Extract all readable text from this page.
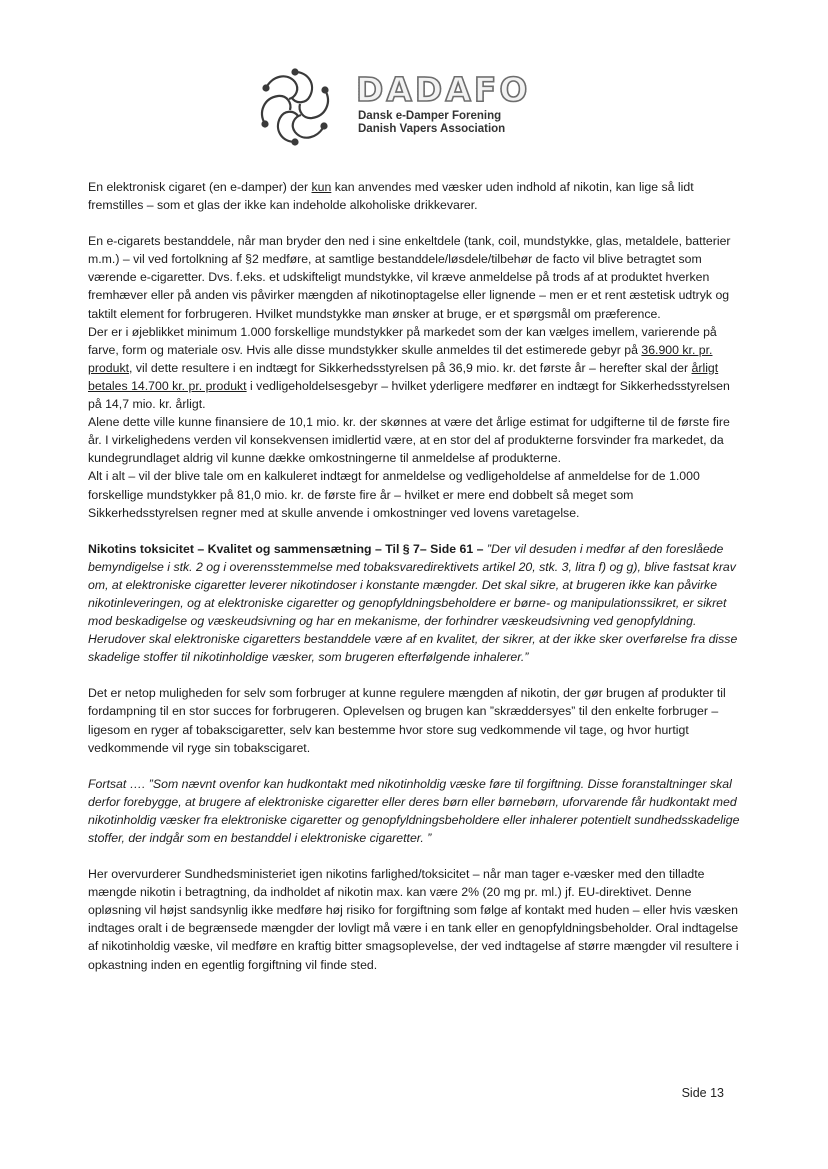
DADAFO
Dansk e-Damper Forening
Danish Vapers Association

En elektronisk cigaret (en e-damper) der kun kan anvendes med væsker uden indhold af nikotin, kan lige så lidt fremstilles – som et glas der ikke kan indeholde alkoholiske drikkevarer.

En e-cigarets bestanddele, når man bryder den ned i sine enkeltdele (tank, coil, mundstykke, glas, metaldele, batterier m.m.) – vil ved fortolkning af §2 medføre, at samtlige bestanddele/løsdele/tilbehør de facto vil blive betragtet som værende e-cigaretter. Dvs. f.eks. et udskifteligt mundstykke, vil kræve anmeldelse på trods af at produktet hverken fremhæver eller på anden vis påvirker mængden af nikotinoptagelse eller lignende – men er et rent æstetisk udtryk og taktilt element for forbrugeren. Hvilket mundstykke man ønsker at bruge, er et spørgsmål om præference.

Der er i øjeblikket minimum 1.000 forskellige mundstykker på markedet som der kan vælges imellem, varierende på farve, form og materiale osv. Hvis alle disse mundstykker skulle anmeldes til det estimerede gebyr på 36.900 kr. pr. produkt, vil dette resultere i en indtægt for Sikkerhedsstyrelsen på 36,9 mio. kr. det første år – herefter skal der årligt betales 14.700 kr. pr. produkt i vedligeholdelsesgebyr – hvilket yderligere medfører en indtægt for Sikkerhedsstyrelsen på 14,7 mio. kr. årligt.

Alene dette ville kunne finansiere de 10,1 mio. kr. der skønnes at være det årlige estimat for udgifterne til de første fire år. I virkelighedens verden vil konsekvensen imidlertid være, at en stor del af produkterne forsvinder fra markedet, da kundegrundlaget aldrig vil kunne dække omkostningerne til anmeldelse af produkterne.

Alt i alt – vil der blive tale om en kalkuleret indtægt for anmeldelse og vedligeholdelse af anmeldelse for de 1.000 forskellige mundstykker på 81,0 mio. kr. de første fire år – hvilket er mere end dobbelt så meget som Sikkerhedsstyrelsen regner med at skulle anvende i omkostninger ved lovens varetagelse.

Nikotins toksicitet – Kvalitet og sammensætning – Til § 7– Side 61 – ”Der vil desuden i medfør af den foreslåede bemyndigelse i stk. 2 og i overensstemmelse med tobaksvaredirektivets artikel 20, stk. 3, litra f) og g), blive fastsat krav om, at elektroniske cigaretter leverer nikotindoser i konstante mængder. Det skal sikre, at brugeren ikke kan påvirke nikotinleveringen, og at elektroniske cigaretter og genopfyldningsbeholdere er børne- og manipulationssikret, er sikret mod beskadigelse og væskeudsivning og har en mekanisme, der forhindrer væskeudsivning ved genopfyldning. Herudover skal elektroniske cigaretters bestanddele være af en kvalitet, der sikrer, at der ikke sker overførelse fra disse skadelige stoffer til nikotinholdige væsker, som brugeren efterfølgende inhalerer.”

Det er netop muligheden for selv som forbruger at kunne regulere mængden af nikotin, der gør brugen af produkter til fordampning til en stor succes for forbrugeren. Oplevelsen og brugen kan ”skræddersyes” til den enkelte forbruger – ligesom en ryger af tobakscigaretter, selv kan bestemme hvor store sug vedkommende vil tage, og hvor hurtigt vedkommende vil ryge sin tobakscigaret.

Fortsat …. ”Som nævnt ovenfor kan hudkontakt med nikotinholdig væske føre til forgiftning. Disse foranstaltninger skal derfor forebygge, at brugere af elektroniske cigaretter eller deres børn eller børnebørn, uforvarende får hudkontakt med nikotinholdig væsker fra elektroniske cigaretter og genopfyldningsbeholdere eller inhalerer potentielt sundhedsskadelige stoffer, der indgår som en bestanddel i elektroniske cigaretter. ”

Her overvurderer Sundhedsministeriet igen nikotins farlighed/toksicitet – når man tager e-væsker med den tilladte mængde nikotin i betragtning, da indholdet af nikotin max. kan være 2% (20 mg pr. ml.) jf. EU-direktivet. Denne opløsning vil højst sandsynlig ikke medføre høj risiko for forgiftning som følge af kontakt med huden – eller hvis væsken indtages oralt i de begrænsede mængder der lovligt må være i en tank eller en genopfyldningsbeholder. Oral indtagelse af nikotinholdig væske, vil medføre en kraftig bitter smagsoplevelse, der ved indtagelse af større mængder vil resultere i opkastning inden en egentlig forgiftning vil finde sted.

Side 13
